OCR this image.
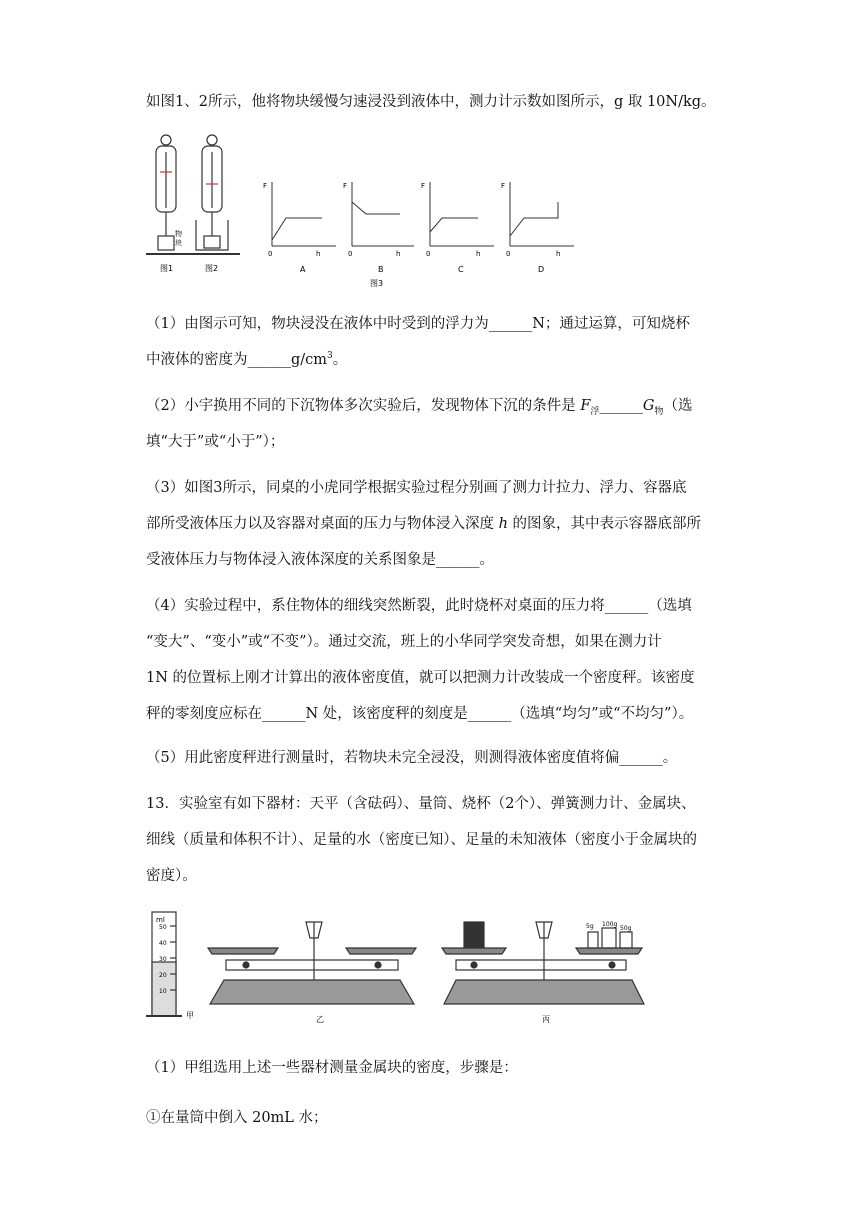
如图1、2所示，他将物块缓慢匀速浸没到液体中，测力计示数如图所示，g 取 10N/kg。
物
块
图1	图2
图3
F
0	h
A
F
0	h
B
F
0	h
C
F
0	h
D
（1）由图示可知，物块浸没在液体中时受到的浮力为______N；通过运算，可知烧杯
中液体的密度为$\_\_\_\_\_\_g/cm^3$。
（2）小宇换用不同的下沉物体多次实验后，发现物体下沉的条件是 $F_浮\_\_\_\_\_\_G_物$（选
填“大于”或“小于”）；
（3）如图3所示，同桌的小虎同学根据实验过程分别画了测力计拉力、浮力、容器底
部所受液体压力以及容器对桌面的压力与物体浸入深度 h 的图象，其中表示容器底部所
受液体压力与物体浸入液体深度的关系图象是______。
（4）实验过程中，系住物体的细线突然断裂，此时烧杯对桌面的压力将______（选填
“变大”、“变小”或“不变”）。通过交流，班上的小华同学突发奇想，如果在测力计
1N 的位置标上刚才计算出的液体密度值，就可以把测力计改装成一个密度秤。该密度
秤的零刻度应标在______N 处，该密度秤的刻度是______（选填“均匀”或“不均匀”）。
（5）用此密度秤进行测量时，若物块未完全浸没，则测得液体密度值将偏______。
13．实验室有如下器材：天平（含砝码）、量筒、烧杯（2个）、弹簧测力计、金属块、
细线（质量和体积不计）、足量的水（密度已知）、足量的未知液体（密度小于金属块的
密度）。
ml
50
40
30
20
10
甲	乙
5g 100g
50g
丙
（1）甲组选用上述一些器材测量金属块的密度，步骤是：
①在量筒中倒入 20mL 水；
